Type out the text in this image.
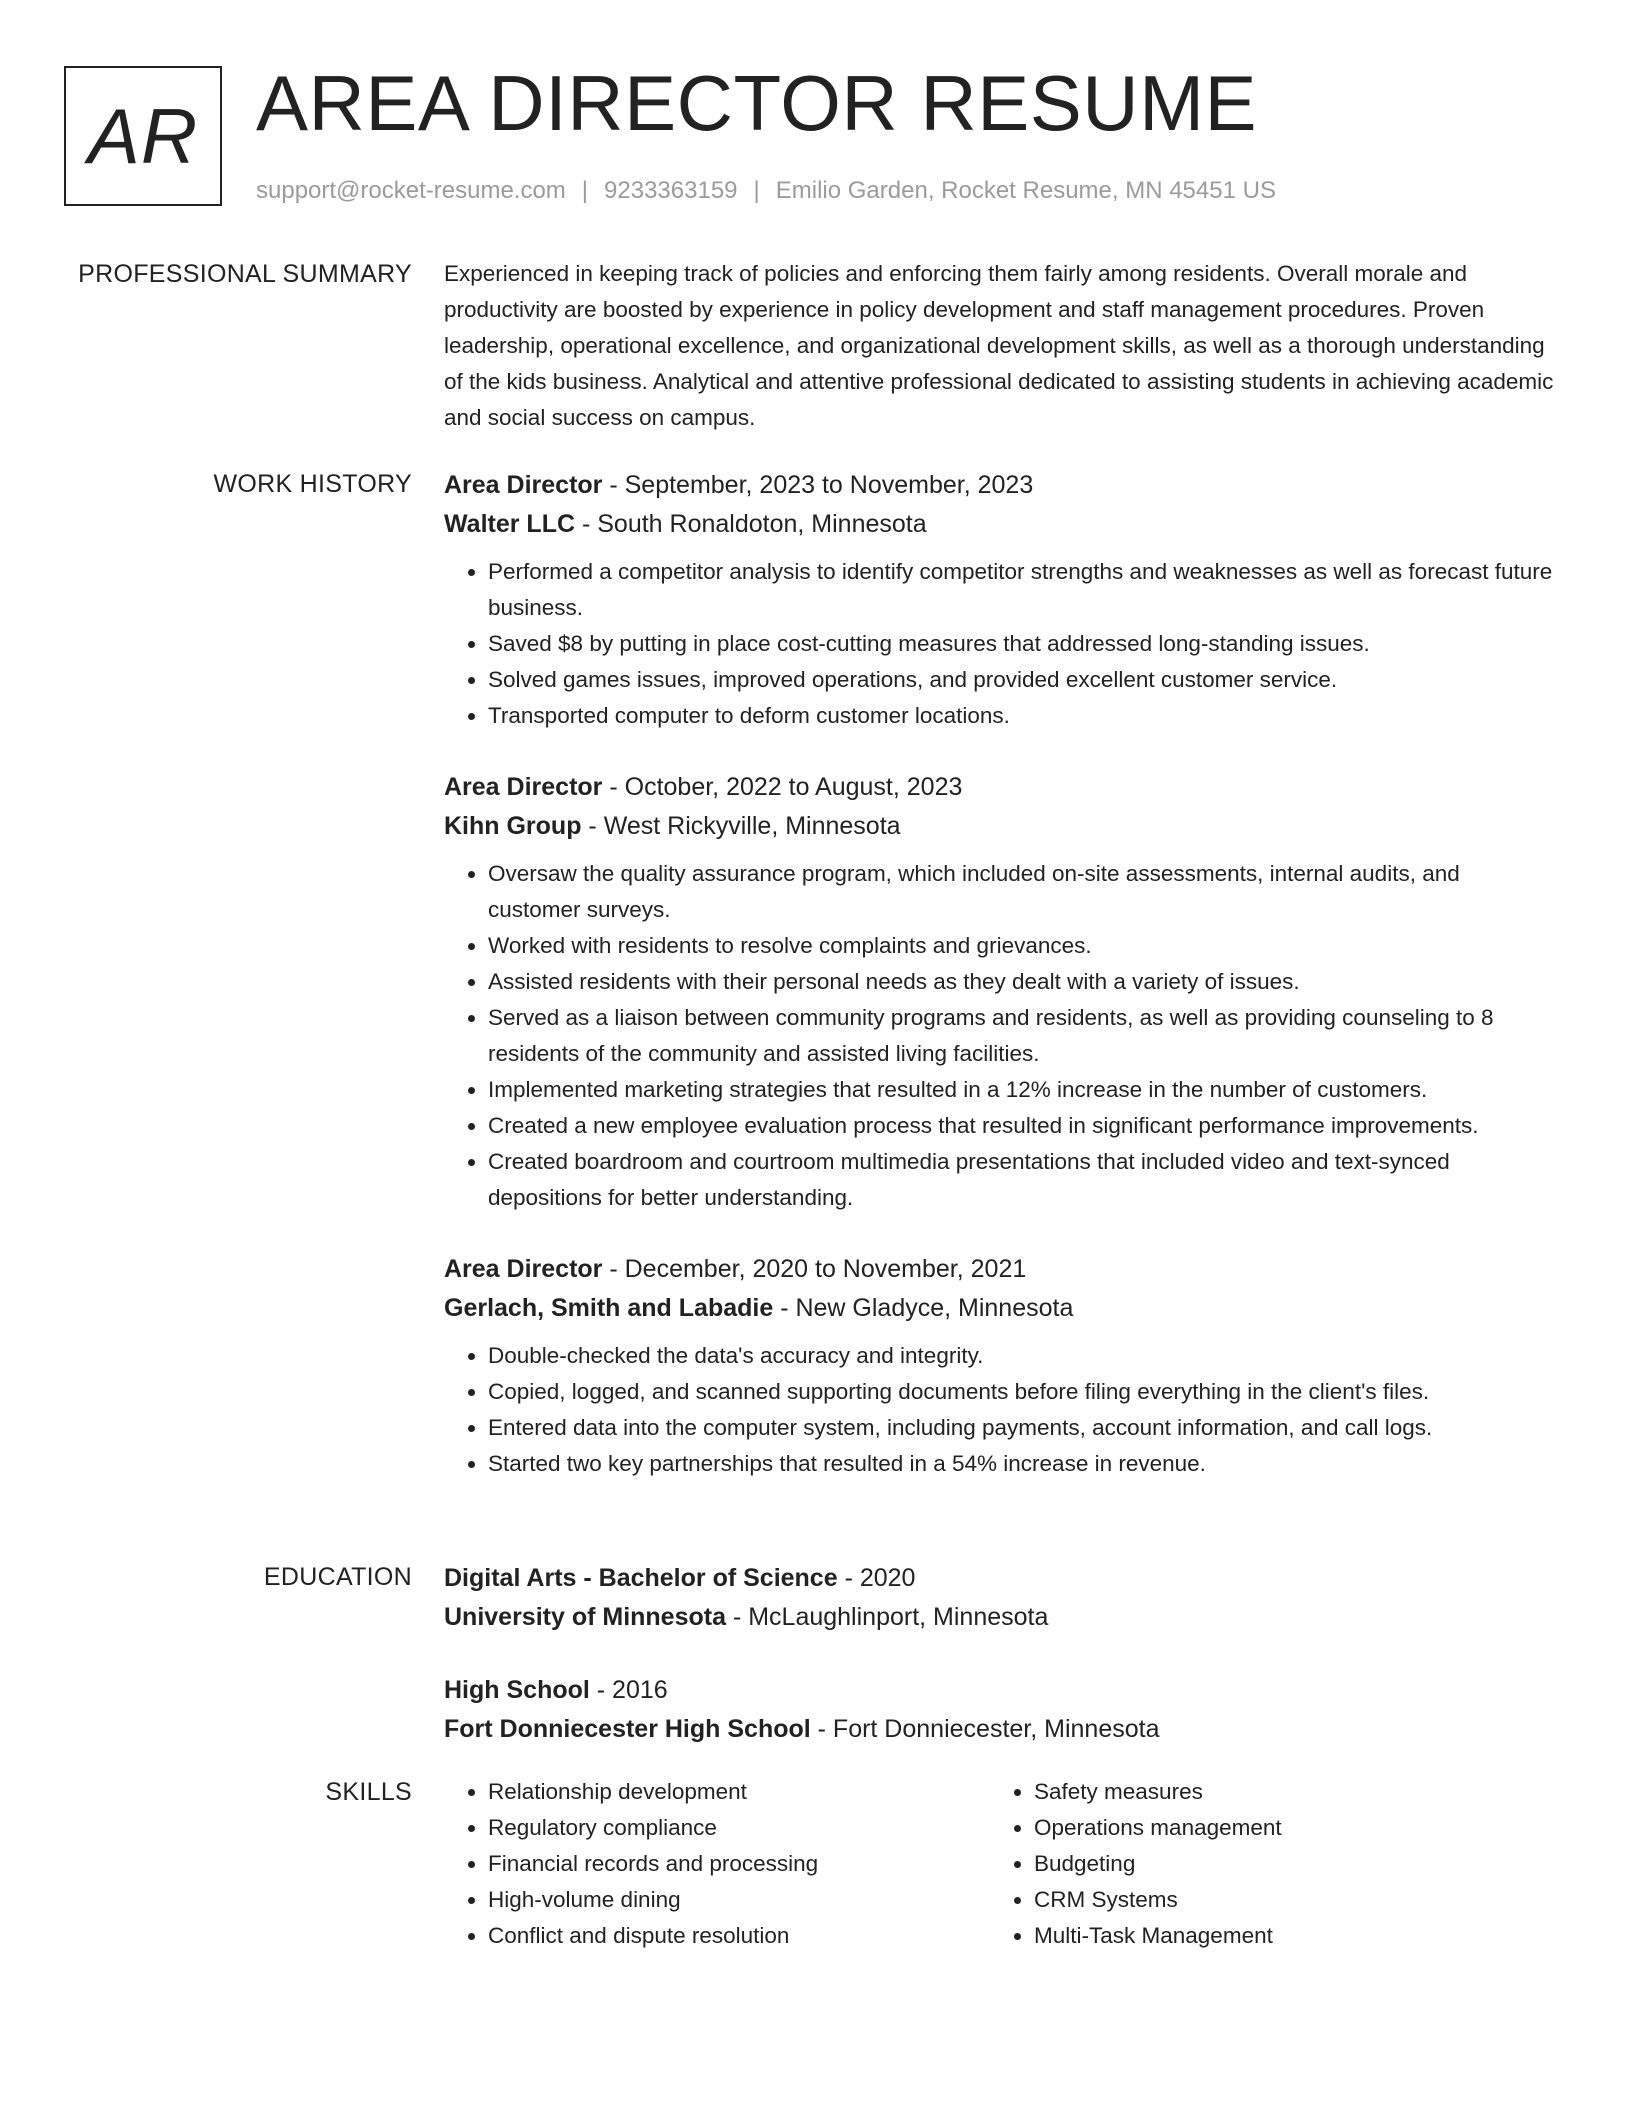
AR AREA DIRECTOR RESUME
support@rocket-resume.com | 9233363159 | Emilio Garden, Rocket Resume, MN 45451 US
PROFESSIONAL SUMMARY Experienced in keeping track of policies and enforcing them fairly among residents. Overall morale and productivity are boosted by experience in policy development and staff management procedures. Proven leadership, operational excellence, and organizational development skills, as well as a thorough understanding of the kids business. Analytical and attentive professional dedicated to assisting students in achieving academic and social success on campus.

WORK HISTORY Area Director - September, 2023 to November, 2023
Walter LLC - South Ronaldoton, Minnesota
• Performed a competitor analysis to identify competitor strengths and weaknesses as well as forecast future business.
• Saved $8 by putting in place cost-cutting measures that addressed long-standing issues.
• Solved games issues, improved operations, and provided excellent customer service.
• Transported computer to deform customer locations.
Area Director - October, 2022 to August, 2023
Kihn Group - West Rickyville, Minnesota
• Oversaw the quality assurance program, which included on-site assessments, internal audits, and customer surveys.
• Worked with residents to resolve complaints and grievances.
• Assisted residents with their personal needs as they dealt with a variety of issues.
• Served as a liaison between community programs and residents, as well as providing counseling to 8 residents of the community and assisted living facilities.
• Implemented marketing strategies that resulted in a 12% increase in the number of customers.
• Created a new employee evaluation process that resulted in significant performance improvements.
• Created boardroom and courtroom multimedia presentations that included video and text-synced depositions for better understanding.
Area Director - December, 2020 to November, 2021
Gerlach, Smith and Labadie - New Gladyce, Minnesota
• Double-checked the data's accuracy and integrity.
• Copied, logged, and scanned supporting documents before filing everything in the client's files.
• Entered data into the computer system, including payments, account information, and call logs.
• Started two key partnerships that resulted in a 54% increase in revenue.
EDUCATION Digital Arts - Bachelor of Science - 2020
University of Minnesota - McLaughlinport, Minnesota
High School - 2016
Fort Donniecester High School - Fort Donniecester, Minnesota
SKILLS
•	Relationship development
• Regulatory compliance
• Financial records and processing
• High-volume dining
• Conflict and dispute resolution
• Safety measures
• Operations management
• Budgeting
• CRM Systems
• Multi-Task Management
